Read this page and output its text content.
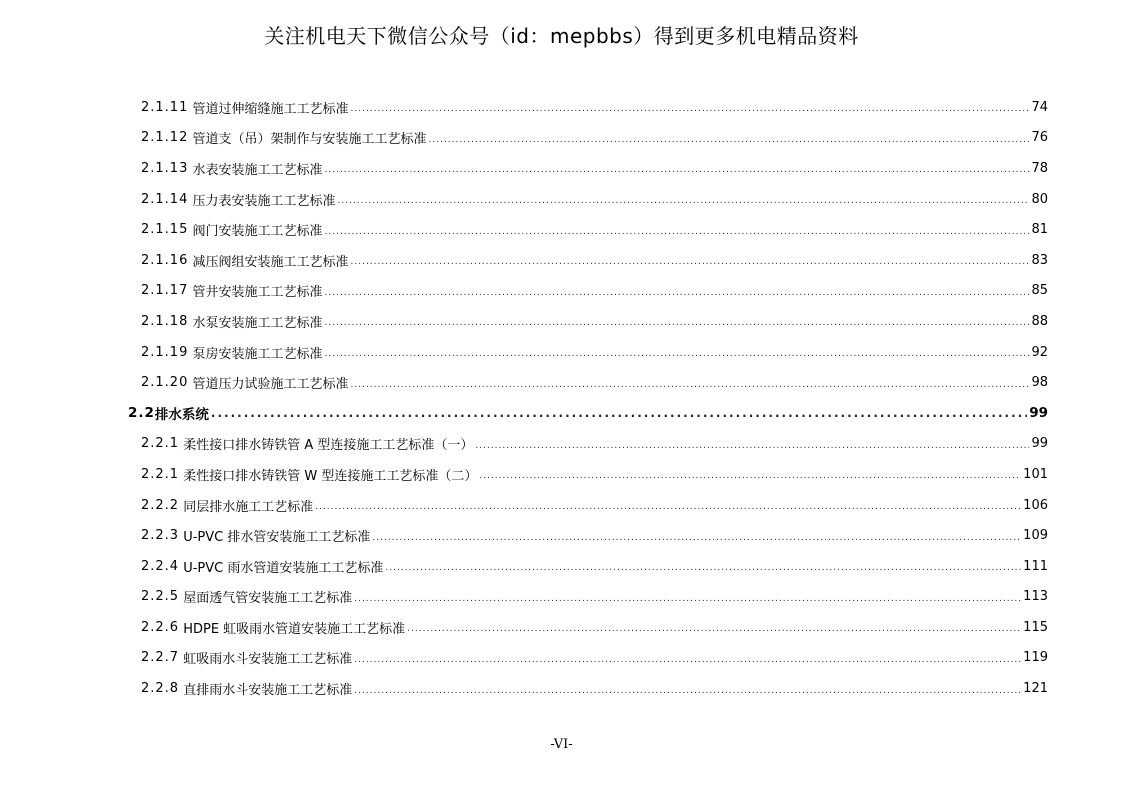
关注机电天下微信公众号（id：mepbbs）得到更多机电精品资料
2.1.11 管道过伸缩缝施工工艺标准 .....	74
2.1.12 管道支（吊）架制作与安装施工工艺标准 .....	76
2.1.13 水表安装施工工艺标准 .....	78
2.1.14 压力表安装施工工艺标准 .....	80
2.1.15 阀门安装施工工艺标准 .....	81
2.1.16 减压阀组安装施工工艺标准 .....	83
2.1.17 管井安装施工工艺标准 .....	85
2.1.18 水泵安装施工工艺标准 .....	88
2.1.19 泵房安装施工工艺标准 .....	92
2.1.20 管道压力试验施工工艺标准 .....	98
2.2 排水系统 .....	99
2.2.1 柔性接口排水铸铁管 A 型连接施工工艺标准（一） .....	99
2.2.1 柔性接口排水铸铁管 W 型连接施工工艺标准（二） .....	101
2.2.2 同层排水施工工艺标准 .....	106
2.2.3 U-PVC 排水管安装施工工艺标准 .....	109
2.2.4 U-PVC 雨水管道安装施工工艺标准 .....	111
2.2.5 屋面透气管安装施工工艺标准 .....	113
2.2.6 HDPE 虹吸雨水管道安装施工工艺标准 .....	115
2.2.7 虹吸雨水斗安装施工工艺标准 .....	119
2.2.8 直排雨水斗安装施工工艺标准 .....	121
-VI-
